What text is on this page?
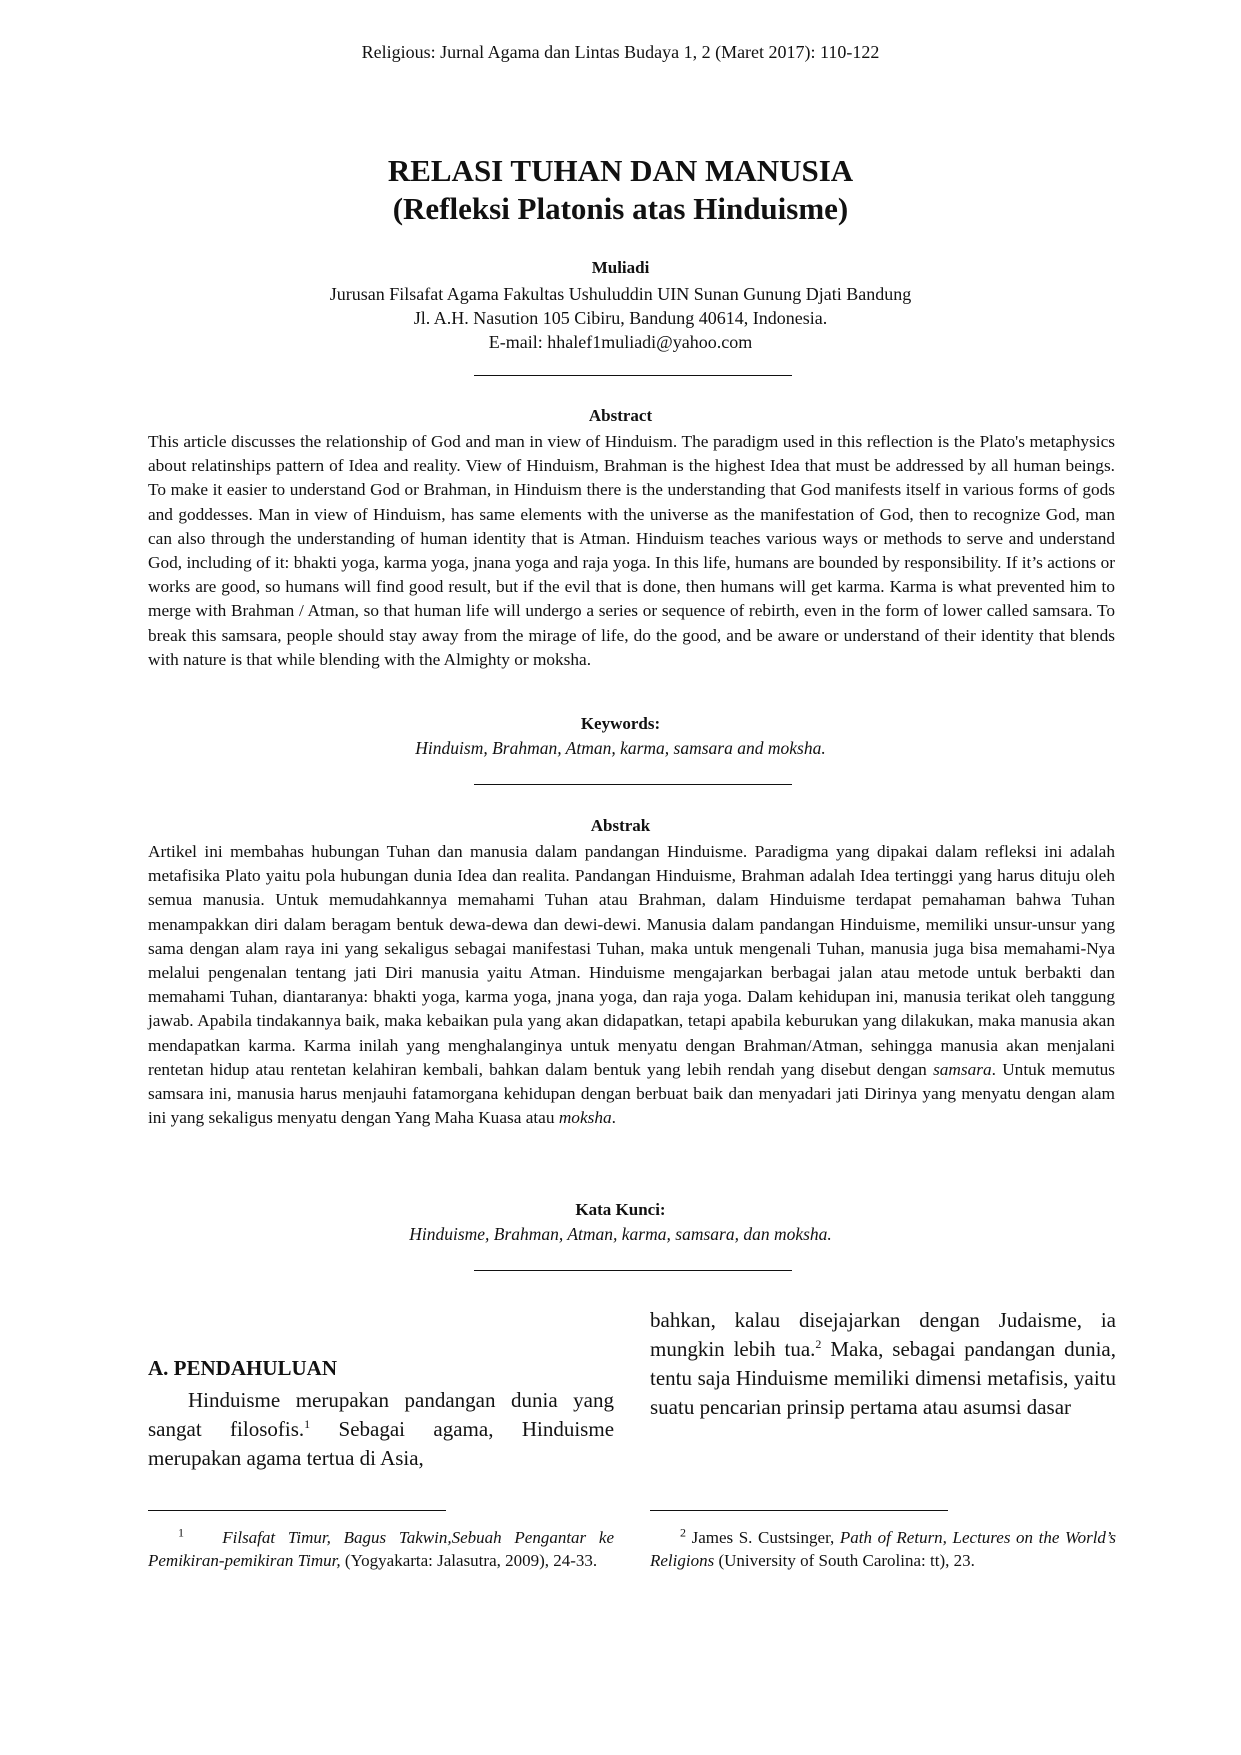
Religious: Jurnal Agama dan Lintas Budaya 1, 2 (Maret 2017): 110-122
RELASI TUHAN DAN MANUSIA
(Refleksi Platonis atas Hinduisme)
Muliadi
Jurusan Filsafat Agama Fakultas Ushuluddin UIN Sunan Gunung Djati Bandung
Jl. A.H. Nasution 105 Cibiru, Bandung 40614, Indonesia.
E-mail: hhalef1muliadi@yahoo.com
Abstract
This article discusses the relationship of God and man in view of Hinduism. The paradigm used in this reflection is the Plato's metaphysics about relatinships pattern of Idea and reality. View of Hinduism, Brahman is the highest Idea that must be addressed by all human beings. To make it easier to understand God or Brahman, in Hinduism there is the understanding that God manifests itself in various forms of gods and goddesses. Man in view of Hinduism, has same elements with the universe as the manifestation of God, then to recognize God, man can also through the understanding of human identity that is Atman. Hinduism teaches various ways or methods to serve and understand God, including of it: bhakti yoga, karma yoga, jnana yoga and raja yoga. In this life, humans are bounded by responsibility. If it’s actions or works are good, so humans will find good result, but if the evil that is done, then humans will get karma. Karma is what prevented him to merge with Brahman / Atman, so that human life will undergo a series or sequence of rebirth, even in the form of lower called samsara. To break this samsara, people should stay away from the mirage of life, do the good, and be aware or understand of their identity that blends with nature is that while blending with the Almighty or moksha.
Keywords:
Hinduism, Brahman, Atman, karma, samsara and moksha.
Abstrak
Artikel ini membahas hubungan Tuhan dan manusia dalam pandangan Hinduisme. Paradigma yang dipakai dalam refleksi ini adalah metafisika Plato yaitu pola hubungan dunia Idea dan realita. Pandangan Hinduisme, Brahman adalah Idea tertinggi yang harus dituju oleh semua manusia. Untuk memudahkannya memahami Tuhan atau Brahman, dalam Hinduisme terdapat pemahaman bahwa Tuhan menampakkan diri dalam beragam bentuk dewa-dewa dan dewi-dewi. Manusia dalam pandangan Hinduisme, memiliki unsur-unsur yang sama dengan alam raya ini yang sekaligus sebagai manifestasi Tuhan, maka untuk mengenali Tuhan, manusia juga bisa memahami-Nya melalui pengenalan tentang jati Diri manusia yaitu Atman. Hinduisme mengajarkan berbagai jalan atau metode untuk berbakti dan memahami Tuhan, diantaranya: bhakti yoga, karma yoga, jnana yoga, dan raja yoga. Dalam kehidupan ini, manusia terikat oleh tanggung jawab. Apabila tindakannya baik, maka kebaikan pula yang akan didapatkan, tetapi apabila keburukan yang dilakukan, maka manusia akan mendapatkan karma. Karma inilah yang menghalanginya untuk menyatu dengan Brahman/Atman, sehingga manusia akan menjalani rentetan hidup atau rentetan kelahiran kembali, bahkan dalam bentuk yang lebih rendah yang disebut dengan samsara. Untuk memutus samsara ini, manusia harus menjauhi fatamorgana kehidupan dengan berbuat baik dan menyadari jati Dirinya yang menyatu dengan alam ini yang sekaligus menyatu dengan Yang Maha Kuasa atau moksha.
Kata Kunci:
Hinduisme, Brahman, Atman, karma, samsara, dan moksha.
A. PENDAHULUAN
Hinduisme merupakan pandangan dunia yang sangat filosofis.$^1$ Sebagai agama, Hinduisme merupakan agama tertua di Asia,
bahkan, kalau disejajarkan dengan Judaisme, ia mungkin lebih tua.$^2$ Maka, sebagai pandangan dunia, tentu saja Hinduisme memiliki dimensi metafisis, yaitu suatu pencarian prinsip pertama atau asumsi dasar
$^1$ Filsafat Timur, Bagus Takwin,Sebuah Pengantar ke Pemikiran-pemikiran Timur, (Yogyakarta: Jalasutra, 2009), 24-33.
$^2$ James S. Custsinger, Path of Return, Lectures on the World’s Religions (University of South Carolina: tt), 23.
